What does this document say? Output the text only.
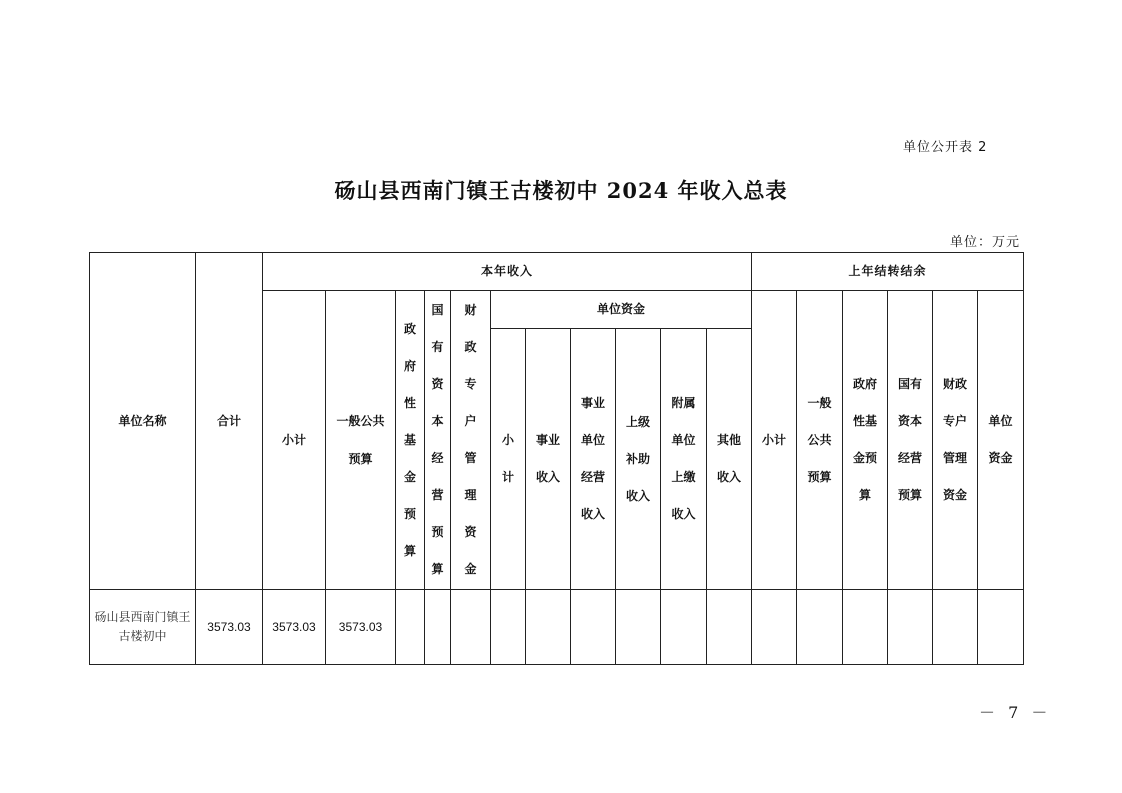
单位公开表 2
砀山县西南门镇王古楼初中 2024 年收入总表
单位：万元
单位名称	合计	本年收入											上年结转结余					
		小计	一般公共预算	政府性基金预算	国有资本经营预算	财政专户管理资金	单位资金						小计	一般公共预算	政府性基金预算	国有资本经营预算	财政专户管理资金	单位资金
							小计	事业收入	事业单位经营收入	上级补助收入	附属单位上缴收入	其他收入						
砀山县西南门镇王古楼初中	3573.03	3573.03	3573.03															
－ 7 －
